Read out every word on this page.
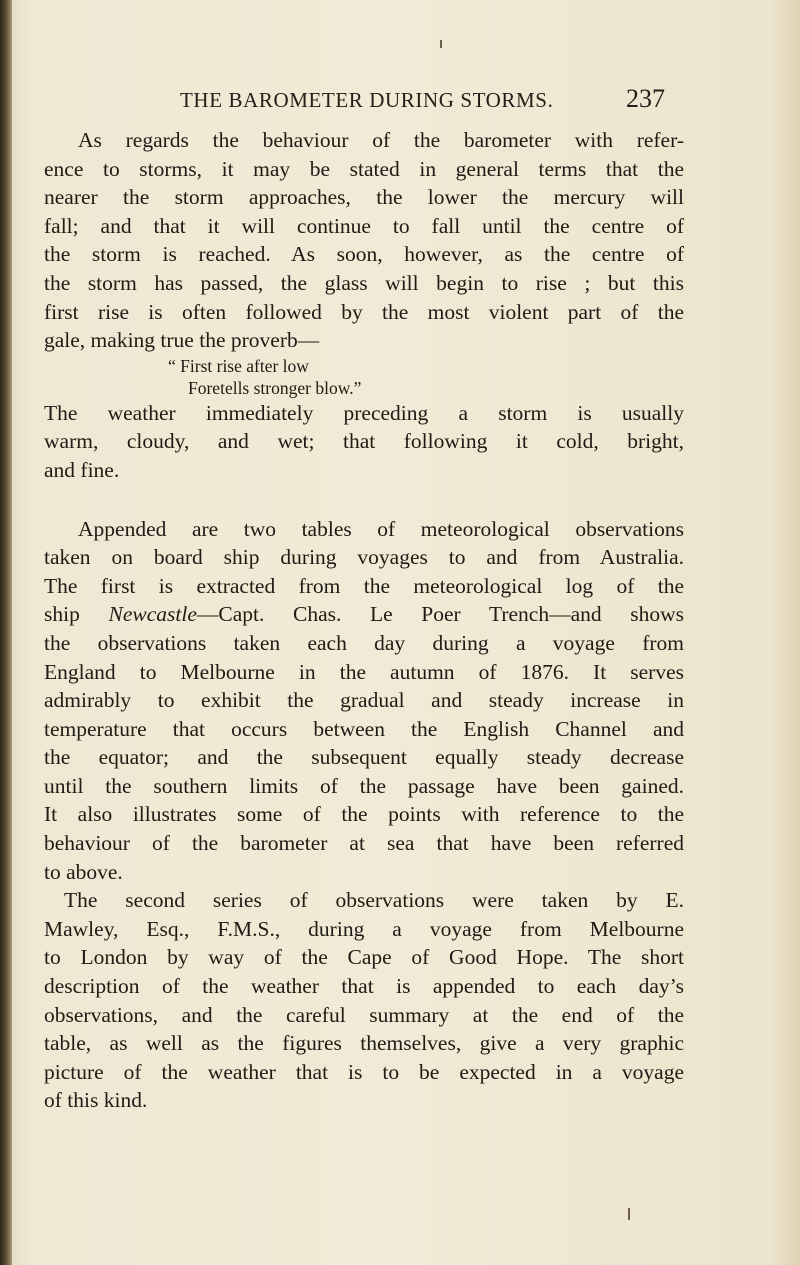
THE BAROMETER DURING STORMS.	237
As regards the behaviour of the barometer with refer-
ence to storms, it may be stated in general terms that the
nearer the storm approaches, the lower the mercury will
fall; and that it will continue to fall until the centre of
the storm is reached. As soon, however, as the centre of
the storm has passed, the glass will begin to rise ; but this
first rise is often followed by the most violent part of the
gale, making true the proverb—
“ First rise after low
Foretells stronger blow.”
The weather immediately preceding a storm is usually
warm, cloudy, and wet; that following it cold, bright,
and fine.
Appended are two tables of meteorological observations
taken on board ship during voyages to and from Australia.
The first is extracted from the meteorological log of the
ship Newcastle—Capt. Chas. Le Poer Trench—and shows
the observations taken each day during a voyage from
England to Melbourne in the autumn of 1876. It serves
admirably to exhibit the gradual and steady increase in
temperature that occurs between the English Channel and
the equator; and the subsequent equally steady decrease
until the southern limits of the passage have been gained.
It also illustrates some of the points with reference to the
behaviour of the barometer at sea that have been referred
to above.
The second series of observations were taken by E.
Mawley, Esq., F.M.S., during a voyage from Melbourne
to London by way of the Cape of Good Hope. The short
description of the weather that is appended to each day’s
observations, and the careful summary at the end of the
table, as well as the figures themselves, give a very graphic
picture of the weather that is to be expected in a voyage
of this kind.
